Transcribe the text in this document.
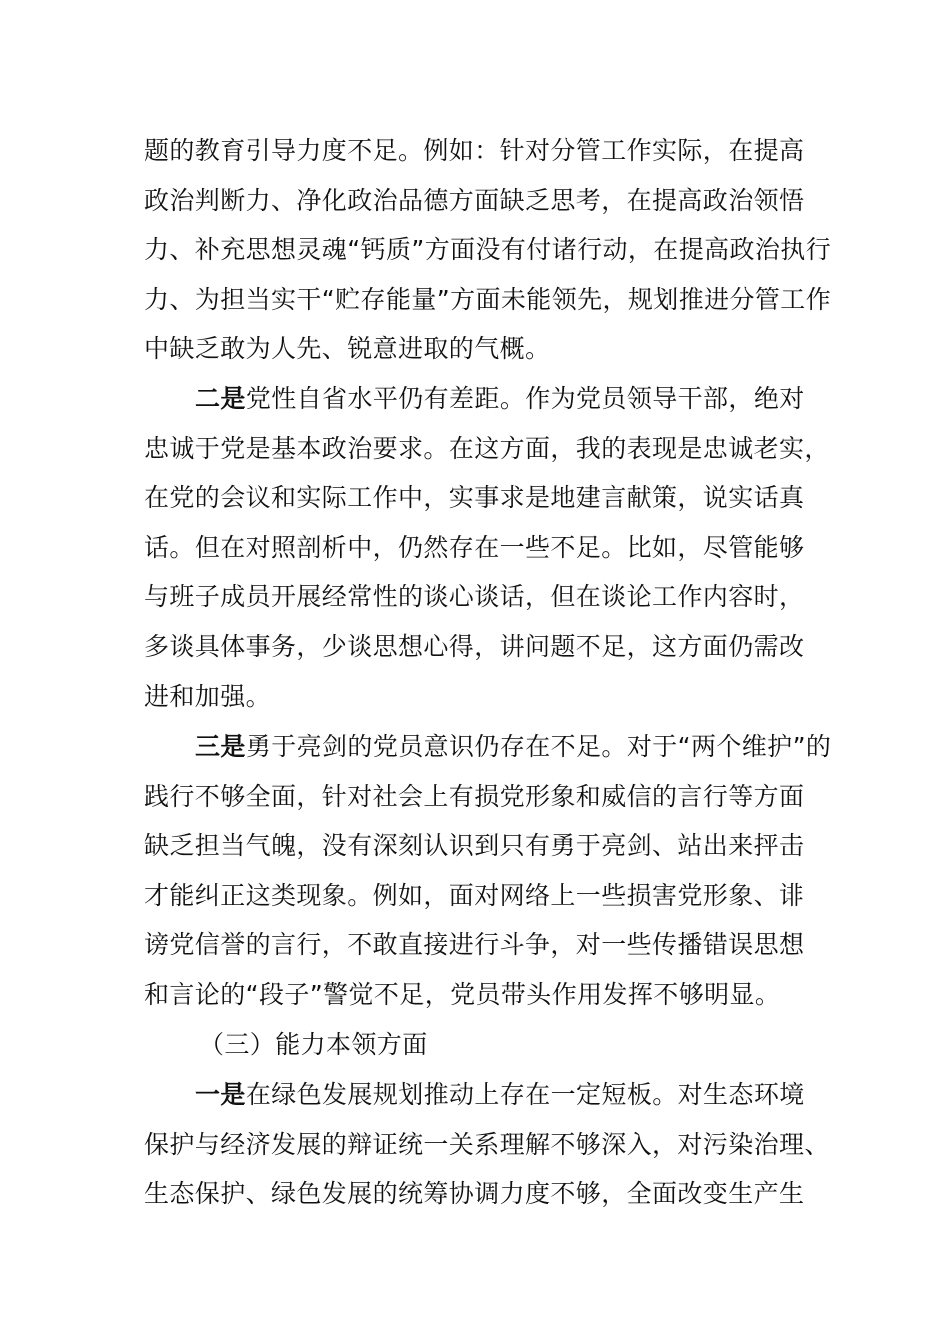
题的教育引导力度不足。例如：针对分管工作实际，在提高
政治判断力、净化政治品德方面缺乏思考，在提高政治领悟
力、补充思想灵魂“钙质”方面没有付诸行动，在提高政治执行
力、为担当实干“贮存能量”方面未能领先，规划推进分管工作
中缺乏敢为人先、锐意进取的气概。
二是党性自省水平仍有差距。作为党员领导干部，绝对
忠诚于党是基本政治要求。在这方面，我的表现是忠诚老实，
在党的会议和实际工作中，实事求是地建言献策，说实话真
话。但在对照剖析中，仍然存在一些不足。比如，尽管能够
与班子成员开展经常性的谈心谈话，但在谈论工作内容时，
多谈具体事务，少谈思想心得，讲问题不足，这方面仍需改
进和加强。
三是勇于亮剑的党员意识仍存在不足。对于“两个维护”的
践行不够全面，针对社会上有损党形象和威信的言行等方面
缺乏担当气魄，没有深刻认识到只有勇于亮剑、站出来抨击
才能纠正这类现象。例如，面对网络上一些损害党形象、诽
谤党信誉的言行，不敢直接进行斗争，对一些传播错误思想
和言论的“段子”警觉不足，党员带头作用发挥不够明显。
（三）能力本领方面
一是在绿色发展规划推动上存在一定短板。对生态环境
保护与经济发展的辩证统一关系理解不够深入，对污染治理、
生态保护、绿色发展的统筹协调力度不够，全面改变生产生
